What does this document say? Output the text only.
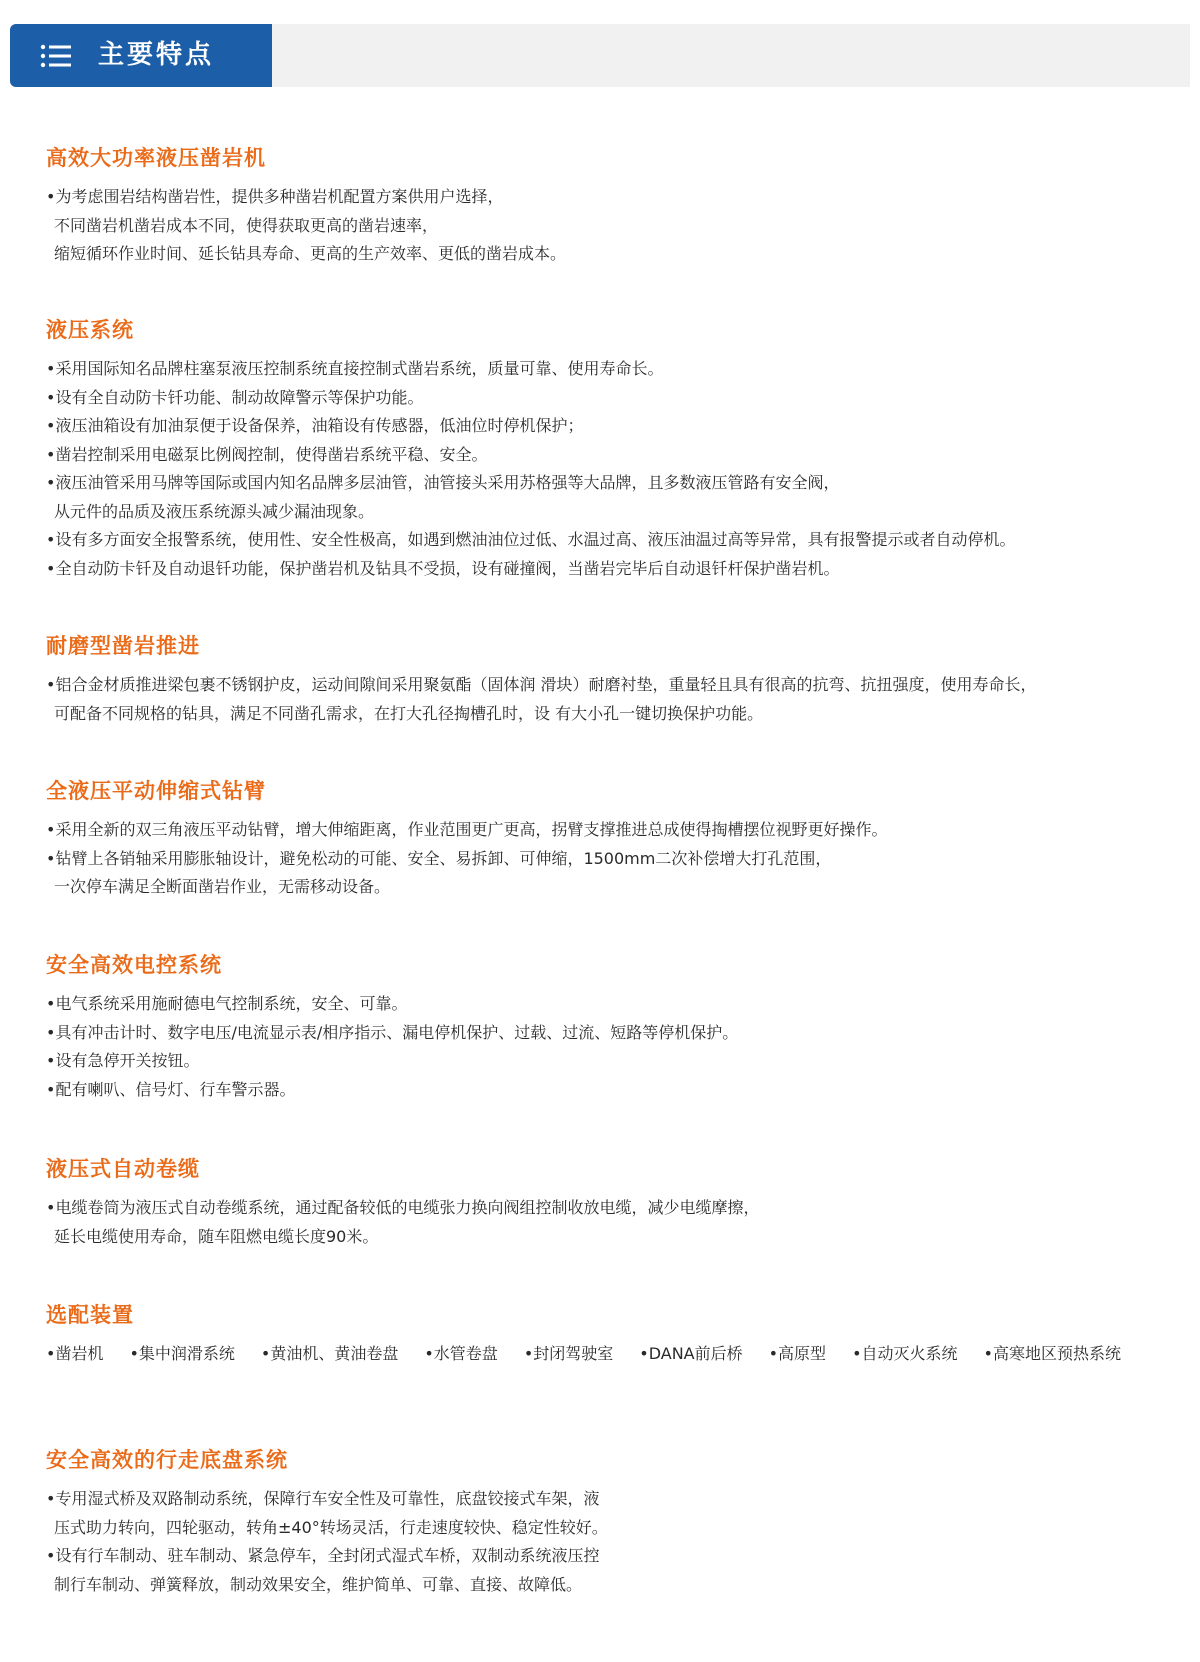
主要特点
高效大功率液压凿岩机
•为考虑围岩结构凿岩性，提供多种凿岩机配置方案供用户选择，
不同凿岩机凿岩成本不同，使得获取更高的凿岩速率，
缩短循环作业时间、延长钻具寿命、更高的生产效率、更低的凿岩成本。
液压系统
•采用国际知名品牌柱塞泵液压控制系统直接控制式凿岩系统，质量可靠、使用寿命长。
•设有全自动防卡钎功能、制动故障警示等保护功能。
•液压油箱设有加油泵便于设备保养，油箱设有传感器，低油位时停机保护；
•凿岩控制采用电磁泵比例阀控制，使得凿岩系统平稳、安全。
•液压油管采用马牌等国际或国内知名品牌多层油管，油管接头采用苏格强等大品牌，且多数液压管路有安全阀，
从元件的品质及液压系统源头减少漏油现象。
•设有多方面安全报警系统，使用性、安全性极高，如遇到燃油油位过低、水温过高、液压油温过高等异常，具有报警提示或者自动停机。
•全自动防卡钎及自动退钎功能，保护凿岩机及钻具不受损，设有碰撞阀，当凿岩完毕后自动退钎杆保护凿岩机。
耐磨型凿岩推进
•铝合金材质推进梁包裹不锈钢护皮，运动间隙间采用聚氨酯（固体润 滑块）耐磨衬垫，重量轻且具有很高的抗弯、抗扭强度，使用寿命长，
可配备不同规格的钻具，满足不同凿孔需求，在打大孔径掏槽孔时，设 有大小孔一键切换保护功能。
全液压平动伸缩式钻臂
•采用全新的双三角液压平动钻臂，增大伸缩距离，作业范围更广更高，拐臂支撑推进总成使得掏槽摆位视野更好操作。
•钻臂上各销轴采用膨胀轴设计，避免松动的可能、安全、易拆卸、可伸缩，1500mm二次补偿增大打孔范围，
一次停车满足全断面凿岩作业，无需移动设备。
安全高效电控系统
•电气系统采用施耐德电气控制系统，安全、可靠。
•具有冲击计时、数字电压/电流显示表/相序指示、漏电停机保护、过载、过流、短路等停机保护。
•设有急停开关按钮。
•配有喇叭、信号灯、行车警示器。
液压式自动卷缆
•电缆卷筒为液压式自动卷缆系统，通过配备较低的电缆张力换向阀组控制收放电缆，减少电缆摩擦，
延长电缆使用寿命，随车阻燃电缆长度90米。
选配装置
•凿岩机 •集中润滑系统 •黄油机、黄油卷盘 •水管卷盘 •封闭驾驶室 •DANA前后桥 •高原型 •自动灭火系统 •高寒地区预热系统
安全高效的行走底盘系统
•专用湿式桥及双路制动系统，保障行车安全性及可靠性，底盘铰接式车架，液
压式助力转向，四轮驱动，转角±40°转场灵活，行走速度较快、稳定性较好。
•设有行车制动、驻车制动、紧急停车，全封闭式湿式车桥，双制动系统液压控
制行车制动、弹簧释放，制动效果安全，维护简单、可靠、直接、故障低。
